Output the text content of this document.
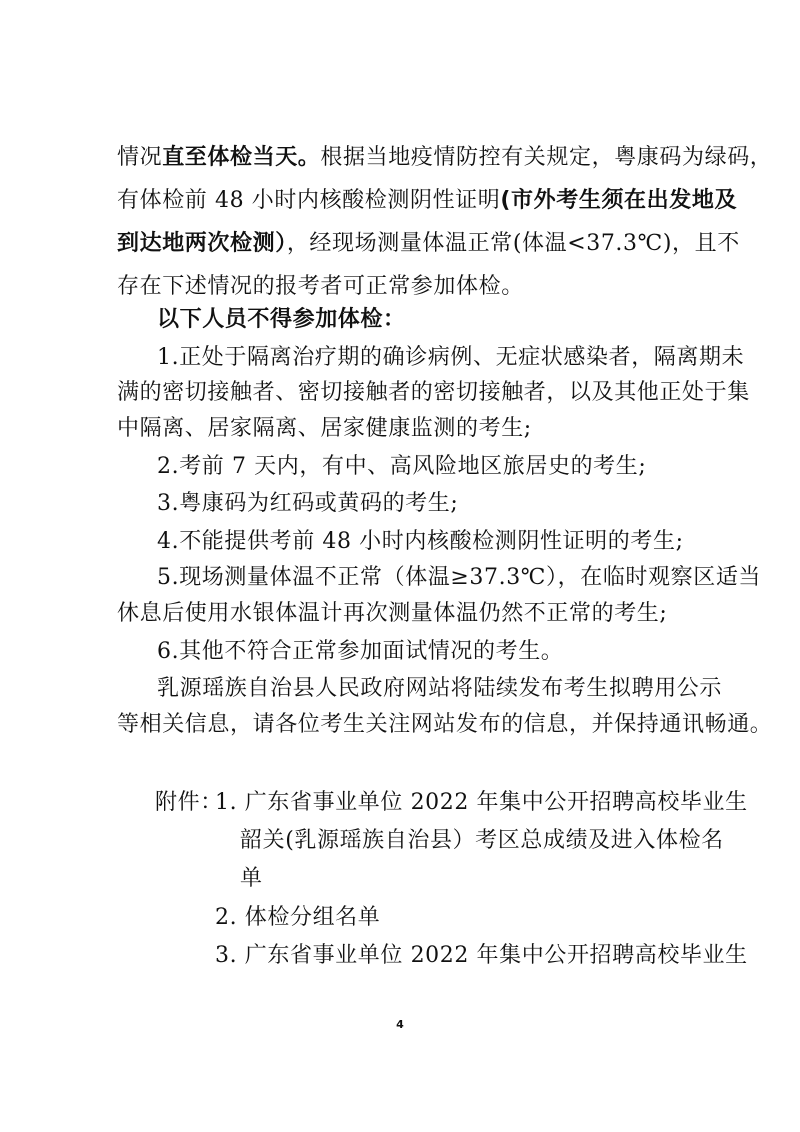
情况直至体检当天。根据当地疫情防控有关规定，粤康码为绿码，
有体检前 48 小时内核酸检测阴性证明(市外考生须在出发地及
到达地两次检测），经现场测量体温正常(体温<37.3℃)，且不
存在下述情况的报考者可正常参加体检。
以下人员不得参加体检：
1.正处于隔离治疗期的确诊病例、无症状感染者，隔离期未
满的密切接触者、密切接触者的密切接触者，以及其他正处于集
中隔离、居家隔离、居家健康监测的考生;
2.考前 7 天内，有中、高风险地区旅居史的考生;
3.粤康码为红码或黄码的考生;
4.不能提供考前 48 小时内核酸检测阴性证明的考生;
5.现场测量体温不正常（体温≥37.3℃），在临时观察区适当
休息后使用水银体温计再次测量体温仍然不正常的考生;
6.其他不符合正常参加面试情况的考生。
乳源瑶族自治县人民政府网站将陆续发布考生拟聘用公示
等相关信息，请各位考生关注网站发布的信息，并保持通讯畅通。
附件：
1. 广东省事业单位 2022 年集中公开招聘高校毕业生
韶关(乳源瑶族自治县）考区总成绩及进入体检名
单
2. 体检分组名单
3. 广东省事业单位 2022 年集中公开招聘高校毕业生
4
